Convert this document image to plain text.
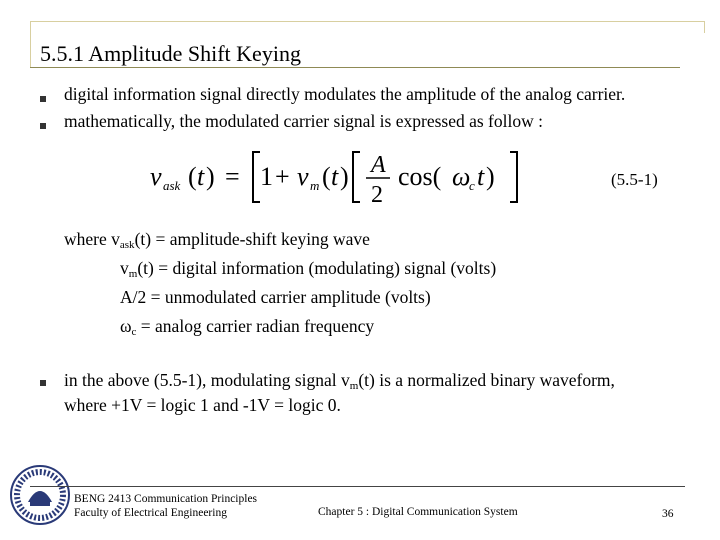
5.5.1 Amplitude Shift Keying
digital information signal directly modulates the amplitude of the analog carrier.
mathematically, the modulated carrier signal is expressed as follow :
v ask ( t ) = 1 + v m ( t ) A
2
cos( ω
c t )	(5.5-1)
where $v_{ask}(t)$ = amplitude-shift keying wave
$v_m(t)$ = digital information (modulating) signal (volts)
A/2 = unmodulated carrier amplitude (volts)
$\omega_c = analog$ carrier radian frequency
in the above (5.5-1), modulating signal $v_m(t)$ is a normalized binary waveform,
where +1V = logic 1 and -1V = logic 0.
BENG 2413 Communication Principles
Faculty of Electrical Engineering	Chapter 5 : Digital Communication System	36
